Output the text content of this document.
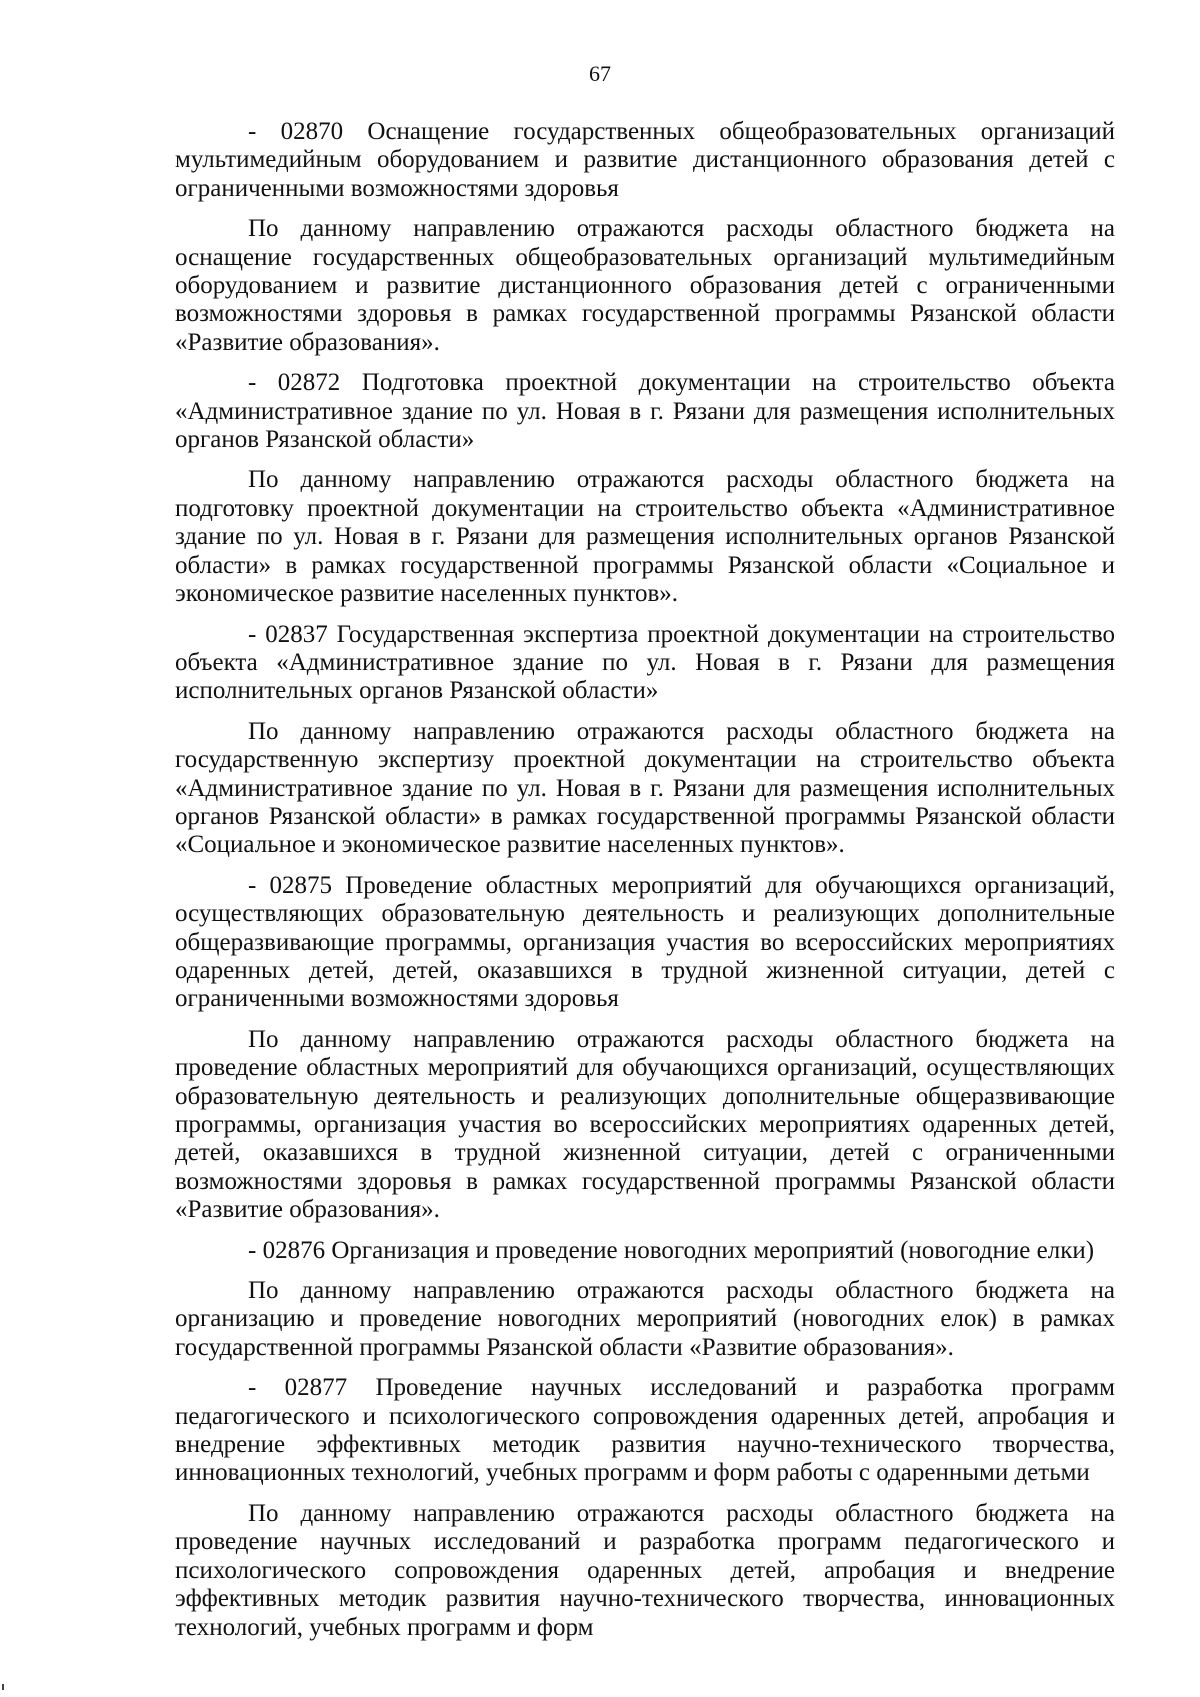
67

- 02870 Оснащение государственных общеобразовательных организаций мультимедийным оборудованием и развитие дистанционного образования детей с ограниченными возможностями здоровья

По данному направлению отражаются расходы областного бюджета на оснащение государственных общеобразовательных организаций мультимедийным оборудованием и развитие дистанционного образования детей с ограниченными возможностями здоровья в рамках государственной программы Рязанской области «Развитие образования».

- 02872 Подготовка проектной документации на строительство объекта «Административное здание по ул. Новая в г. Рязани для размещения исполнительных органов Рязанской области»

По данному направлению отражаются расходы областного бюджета на подготовку проектной документации на строительство объекта «Административное здание по ул. Новая в г. Рязани для размещения исполнительных органов Рязанской области» в рамках государственной программы Рязанской области «Социальное и экономическое развитие населенных пунктов».

- 02837 Государственная экспертиза проектной документации на строительство объекта «Административное здание по ул. Новая в г. Рязани для размещения исполнительных органов Рязанской области»

По данному направлению отражаются расходы областного бюджета на государственную экспертизу проектной документации на строительство объекта «Административное здание по ул. Новая в г. Рязани для размещения исполнительных органов Рязанской области» в рамках государственной программы Рязанской области «Социальное и экономическое развитие населенных пунктов».

- 02875 Проведение областных мероприятий для обучающихся организаций, осуществляющих образовательную деятельность и реализующих дополнительные общеразвивающие программы, организация участия во всероссийских мероприятиях одаренных детей, детей, оказавшихся в трудной жизненной ситуации, детей с ограниченными возможностями здоровья

По данному направлению отражаются расходы областного бюджета на проведение областных мероприятий для обучающихся организаций, осуществляющих образовательную деятельность и реализующих дополнительные общеразвивающие программы, организация участия во всероссийских мероприятиях одаренных детей, детей, оказавшихся в трудной жизненной ситуации, детей с ограниченными возможностями здоровья в рамках государственной программы Рязанской области «Развитие образования».

- 02876 Организация и проведение новогодних мероприятий (новогодние елки)

По данному направлению отражаются расходы областного бюджета на организацию и проведение новогодних мероприятий (новогодних елок) в рамках государственной программы Рязанской области «Развитие образования».

- 02877 Проведение научных исследований и разработка программ педагогического и психологического сопровождения одаренных детей, апробация и внедрение эффективных методик развития научно-технического творчества, инновационных технологий, учебных программ и форм работы с одаренными детьми

По данному направлению отражаются расходы областного бюджета на проведение научных исследований и разработка программ педагогического и психологического сопровождения одаренных детей, апробация и внедрение эффективных методик развития научно-технического творчества, инновационных технологий, учебных программ и форм
